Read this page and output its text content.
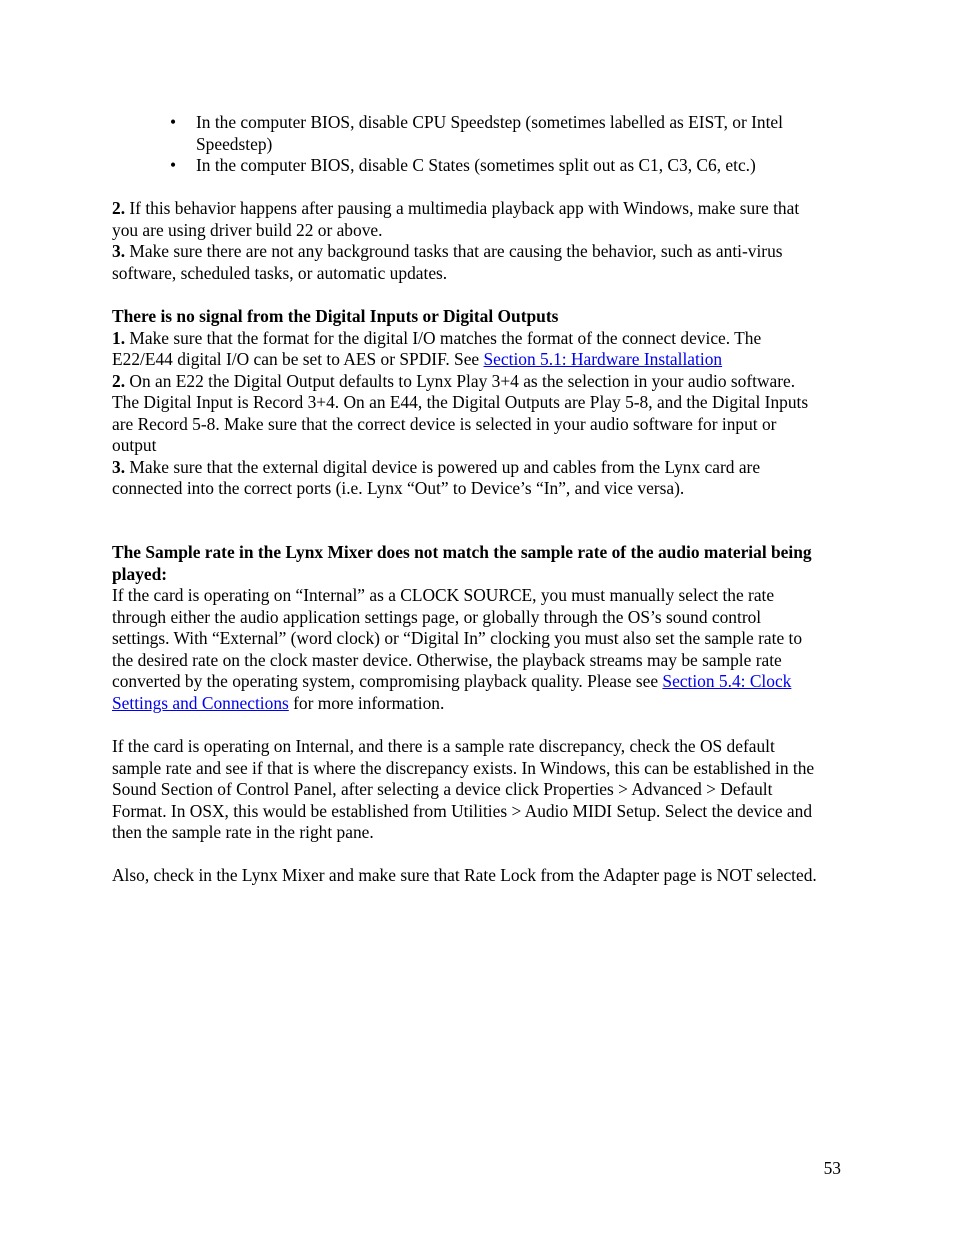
• In the computer BIOS, disable CPU Speedstep (sometimes labelled as EIST, or Intel Speedstep)
• In the computer BIOS, disable C States (sometimes split out as C1, C3, C6, etc.)

2. If this behavior happens after pausing a multimedia playback app with Windows, make sure that you are using driver build 22 or above.

3. Make sure there are not any background tasks that are causing the behavior, such as anti-virus software, scheduled tasks, or automatic updates.

There is no signal from the Digital Inputs or Digital Outputs

1. Make sure that the format for the digital I/O matches the format of the connect device. The E22/E44 digital I/O can be set to AES or SPDIF. See Section 5.1: Hardware Installation

2. On an E22 the Digital Output defaults to Lynx Play 3+4 as the selection in your audio software. The Digital Input is Record 3+4. On an E44, the Digital Outputs are Play 5-8, and the Digital Inputs are Record 5-8. Make sure that the correct device is selected in your audio software for input or output

3. Make sure that the external digital device is powered up and cables from the Lynx card are connected into the correct ports (i.e. Lynx “Out” to Device’s “In”, and vice versa).

The Sample rate in the Lynx Mixer does not match the sample rate of the audio material being played:

If the card is operating on “Internal” as a CLOCK SOURCE, you must manually select the rate through either the audio application settings page, or globally through the OS’s sound control settings. With “External” (word clock) or “Digital In” clocking you must also set the sample rate to the desired rate on the clock master device. Otherwise, the playback streams may be sample rate converted by the operating system, compromising playback quality. Please see Section 5.4: Clock Settings and Connections for more information.

If the card is operating on Internal, and there is a sample rate discrepancy, check the OS default sample rate and see if that is where the discrepancy exists. In Windows, this can be established in the Sound Section of Control Panel, after selecting a device click Properties > Advanced > Default Format. In OSX, this would be established from Utilities > Audio MIDI Setup. Select the device and then the sample rate in the right pane.

Also, check in the Lynx Mixer and make sure that Rate Lock from the Adapter page is NOT selected.

53
